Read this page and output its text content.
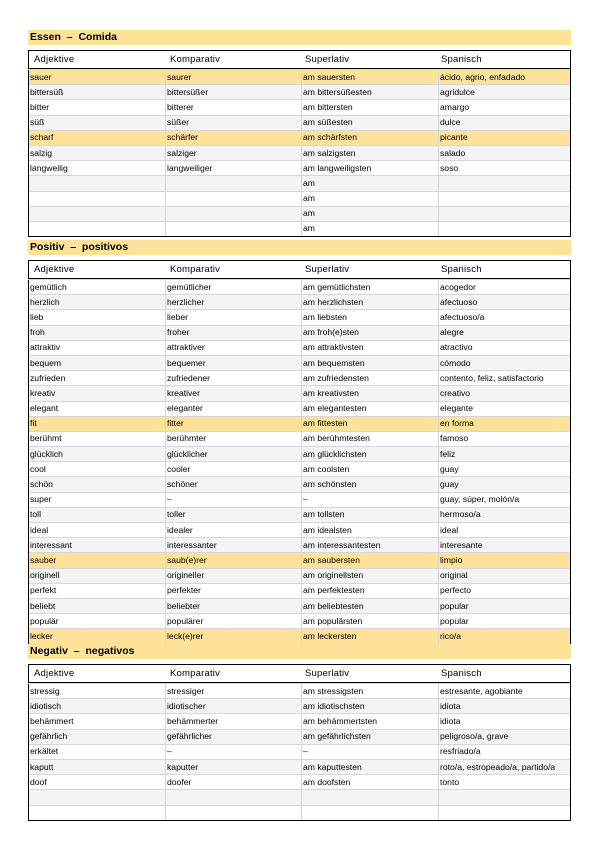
Essen  –  Comida
Adjektive	Komparativ	Superlativ	Spanisch
sauer	saurer	am sauersten	ácido, agrio, enfadado
bittersüß	bittersüßer	am bittersüßesten	agridulce
bitter	bitterer	am bittersten	amargo
süß	süßer	am süßesten	dulce
scharf	schärfer	am schärfsten	picante
salzig	salziger	am salzigsten	salado
langweilig	langweiliger	am langweiligsten	soso
		am	
		am	
		am	
		am	
Positiv  –  positivos
Adjektive	Komparativ	Superlativ	Spanisch
gemütlich	gemütlicher	am gemütlichsten	acogedor
herzlich	herzlicher	am herzlichsten	afectuoso
lieb	lieber	am liebsten	afectuoso/a
froh	froher	am froh(e)sten	alegre
attraktiv	attraktiver	am attraktivsten	atractivo
bequem	bequemer	am bequemsten	cómodo
zufrieden	zufriedener	am zufriedensten	contento, feliz, satisfactorio
kreativ	kreativer	am kreativsten	creativo
elegant	eleganter	am elegantesten	elegante
fit	fitter	am fittesten	en forma
berühmt	berühmter	am berühmtesten	famoso
glücklich	glücklicher	am glücklichsten	feliz
cool	cooler	am coolsten	guay
schön	schöner	am schönsten	guay
super	–	–	guay, súper, molón/a
toll	toller	am tollsten	hermoso/a
ideal	idealer	am idealsten	ideal
interessant	interessanter	am interessantesten	interesante
sauber	saub(e)rer	am saubersten	limpio
originell	origineller	am originellsten	original
perfekt	perfekter	am perfektesten	perfecto
beliebt	beliebter	am beliebtesten	popular
populär	populärer	am populärsten	popular
lecker	leck(e)rer	am leckersten	rico/a
Negativ  –  negativos
Adjektive	Komparativ	Superlativ	Spanisch
stressig	stressiger	am stressigsten	estresante, agobiante
idiotisch	idiotischer	am idiotischsten	idiota
behämmert	behämmerter	am behämmertsten	idiota
gefährlich	gefährlicher	am gefährlichsten	peligroso/a, grave
erkältet	–	–	resfriado/a
kaputt	kaputter	am kaputtesten	roto/a, estropeado/a, partido/a
doof	doofer	am doofsten	tonto
